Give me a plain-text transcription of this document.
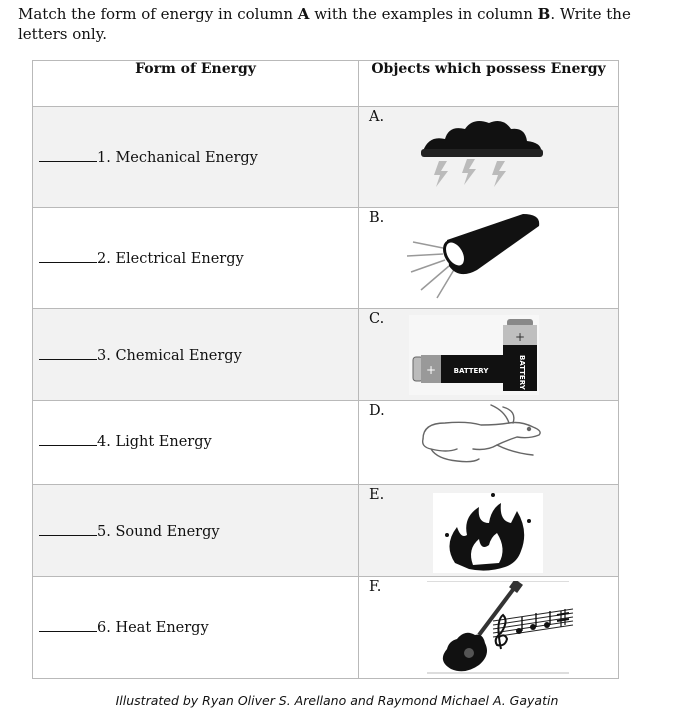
Match the form of energy in column A with the examples in column B. Write the letters only.
Form of Energy	Objects which possess Energy

1. Mechanical Energy	A.

2. Electrical Energy	B.

3. Chemical Energy	C.
+
BATTERY
+ BATTERY

4. Light Energy	D.

5. Sound Energy	E.

6. Heat Energy	F.
Illustrated by Ryan Oliver S. Arellano and Raymond Michael A. Gayatin
